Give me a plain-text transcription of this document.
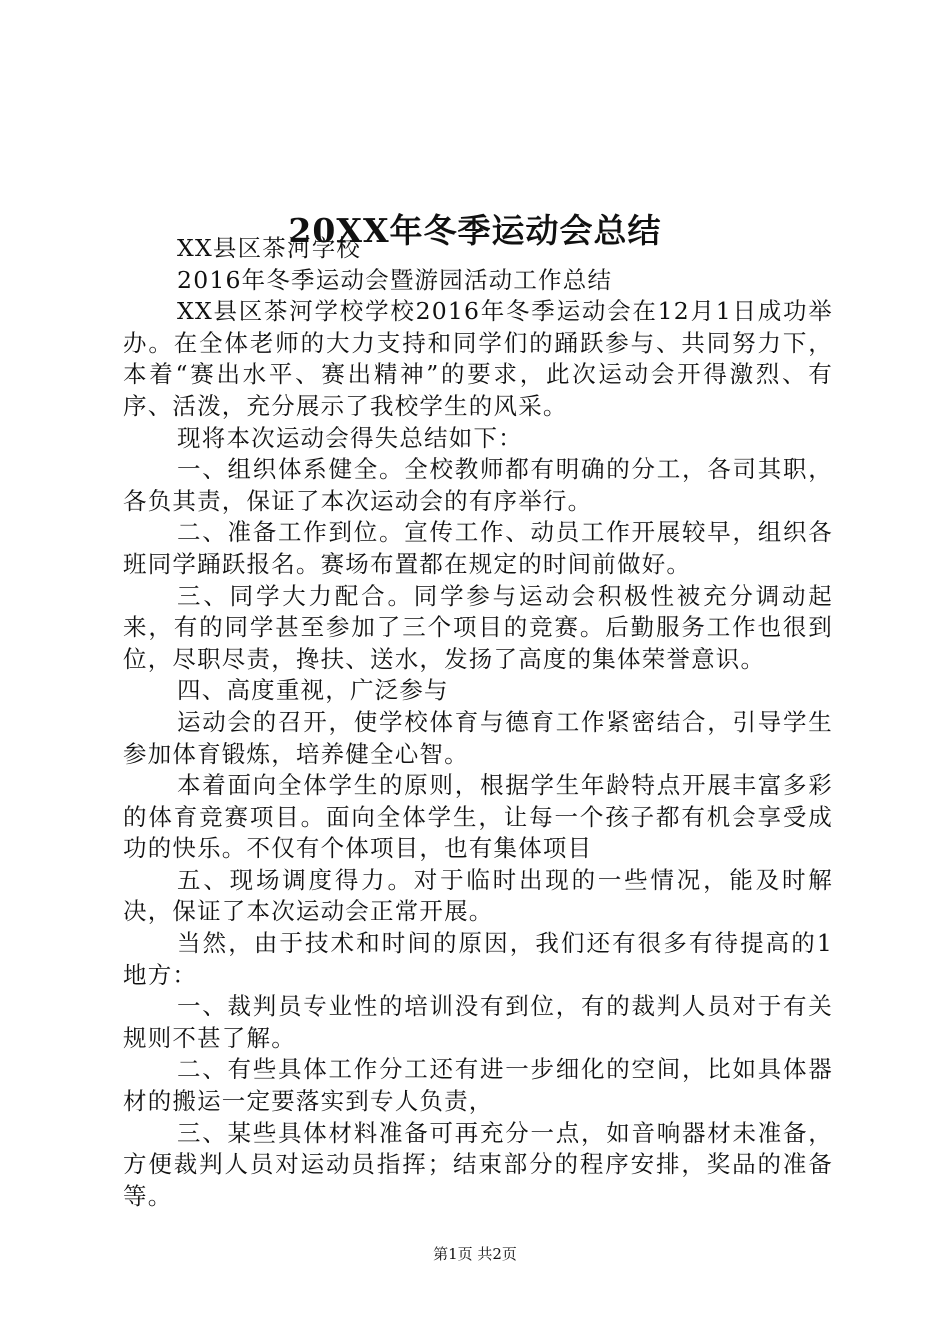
20XX年冬季运动会总结

XX县区茶河学校

2016年冬季运动会暨游园活动工作总结

XX县区茶河学校学校2016年冬季运动会在12月1日成功举办。在全体老师的大力支持和同学们的踊跃参与、共同努力下，本着“赛出水平、赛出精神”的要求，此次运动会开得激烈、有序、活泼，充分展示了我校学生的风采。

现将本次运动会得失总结如下：

一、组织体系健全。全校教师都有明确的分工，各司其职，各负其责，保证了本次运动会的有序举行。

二、准备工作到位。宣传工作、动员工作开展较早，组织各班同学踊跃报名。赛场布置都在规定的时间前做好。

三、同学大力配合。同学参与运动会积极性被充分调动起来，有的同学甚至参加了三个项目的竞赛。后勤服务工作也很到位，尽职尽责，搀扶、送水，发扬了高度的集体荣誉意识。

四、高度重视，广泛参与

运动会的召开，使学校体育与德育工作紧密结合，引导学生参加体育锻炼，培养健全心智。

本着面向全体学生的原则，根据学生年龄特点开展丰富多彩的体育竞赛项目。面向全体学生，让每一个孩子都有机会享受成功的快乐。不仅有个体项目，也有集体项目

五、现场调度得力。对于临时出现的一些情况，能及时解决，保证了本次运动会正常开展。

当然，由于技术和时间的原因，我们还有很多有待提高的1地方：

一、裁判员专业性的培训没有到位，有的裁判人员对于有关规则不甚了解。

二、有些具体工作分工还有进一步细化的空间，比如具体器材的搬运一定要落实到专人负责，

三、某些具体材料准备可再充分一点，如音响器材未准备，方便裁判人员对运动员指挥；结束部分的程序安排，奖品的准备等。

第1页 共2页
